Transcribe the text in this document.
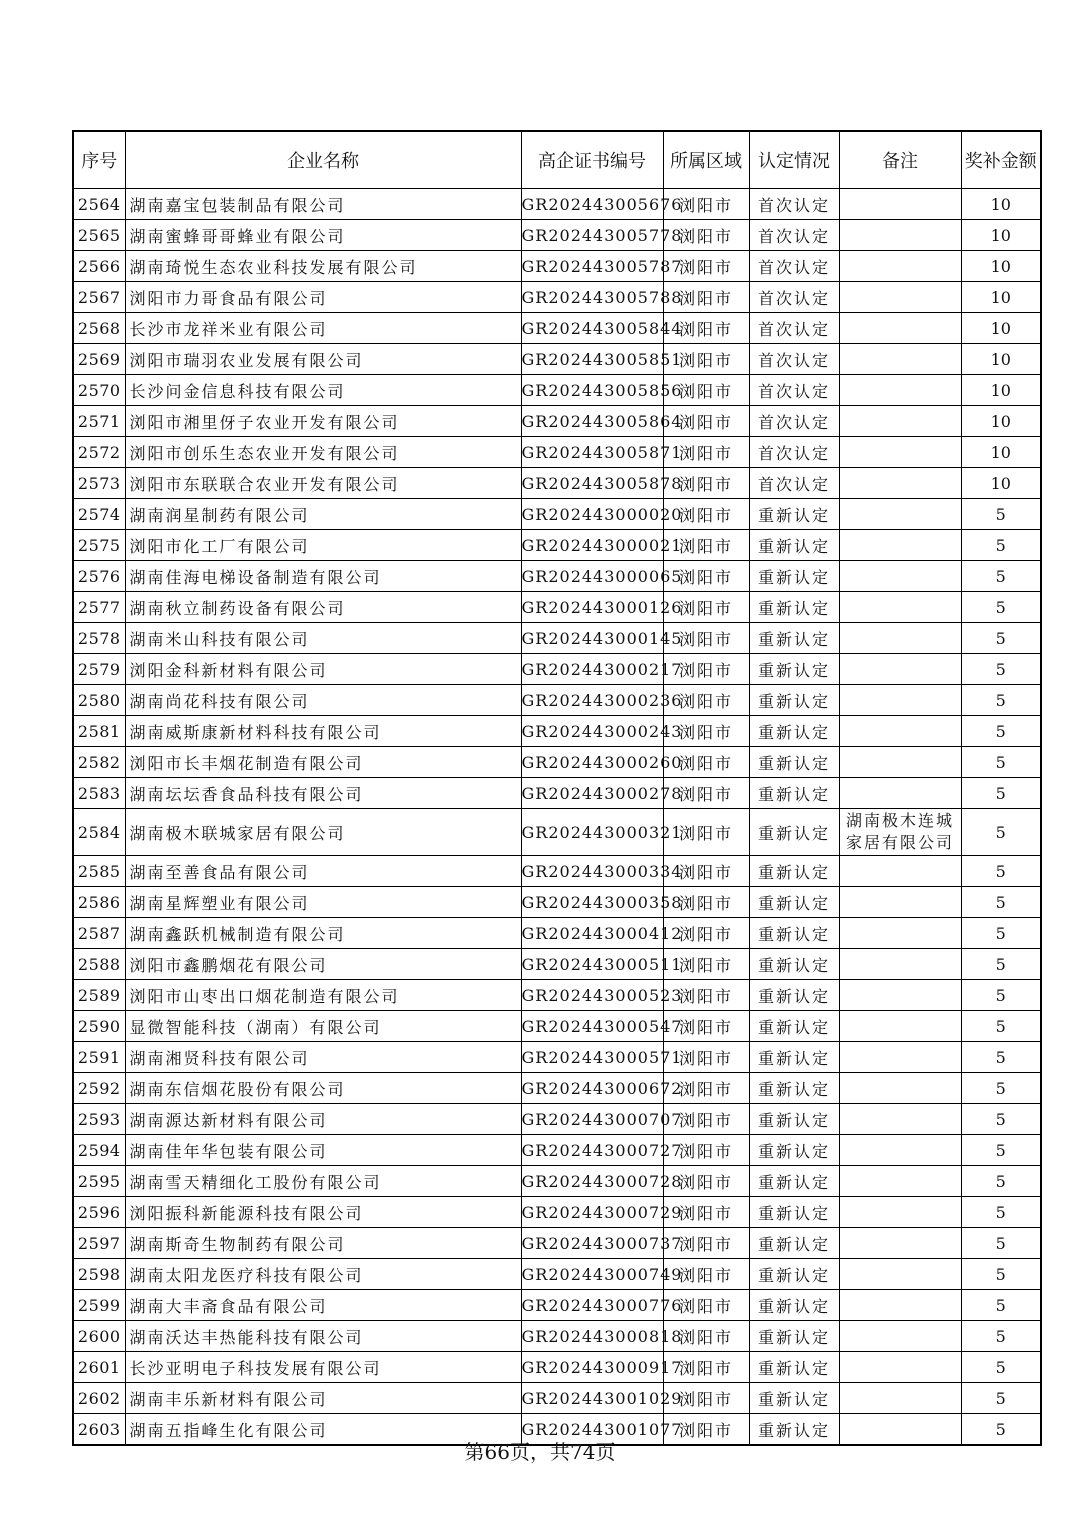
序号	企业名称	高企证书编号	所属区域	认定情况	备注	奖补金额
2564	湖南嘉宝包装制品有限公司	GR202443005676	浏阳市	首次认定		10
2565	湖南蜜蜂哥哥蜂业有限公司	GR202443005778	浏阳市	首次认定		10
2566	湖南琦悦生态农业科技发展有限公司	GR202443005787	浏阳市	首次认定		10
2567	浏阳市力哥食品有限公司	GR202443005788	浏阳市	首次认定		10
2568	长沙市龙祥米业有限公司	GR202443005844	浏阳市	首次认定		10
2569	浏阳市瑞羽农业发展有限公司	GR202443005851	浏阳市	首次认定		10
2570	长沙问金信息科技有限公司	GR202443005856	浏阳市	首次认定		10
2571	浏阳市湘里伢子农业开发有限公司	GR202443005864	浏阳市	首次认定		10
2572	浏阳市创乐生态农业开发有限公司	GR202443005871	浏阳市	首次认定		10
2573	浏阳市东联联合农业开发有限公司	GR202443005878	浏阳市	首次认定		10
2574	湖南润星制药有限公司	GR202443000020	浏阳市	重新认定		5
2575	浏阳市化工厂有限公司	GR202443000021	浏阳市	重新认定		5
2576	湖南佳海电梯设备制造有限公司	GR202443000065	浏阳市	重新认定		5
2577	湖南秋立制药设备有限公司	GR202443000126	浏阳市	重新认定		5
2578	湖南米山科技有限公司	GR202443000145	浏阳市	重新认定		5
2579	浏阳金科新材料有限公司	GR202443000217	浏阳市	重新认定		5
2580	湖南尚花科技有限公司	GR202443000236	浏阳市	重新认定		5
2581	湖南威斯康新材料科技有限公司	GR202443000243	浏阳市	重新认定		5
2582	浏阳市长丰烟花制造有限公司	GR202443000260	浏阳市	重新认定		5
2583	湖南坛坛香食品科技有限公司	GR202443000278	浏阳市	重新认定		5
2584	湖南极木联城家居有限公司	GR202443000321	浏阳市	重新认定	湖南极木连城家居有限公司	5
2585	湖南至善食品有限公司	GR202443000334	浏阳市	重新认定		5
2586	湖南星辉塑业有限公司	GR202443000358	浏阳市	重新认定		5
2587	湖南鑫跃机械制造有限公司	GR202443000412	浏阳市	重新认定		5
2588	浏阳市鑫鹏烟花有限公司	GR202443000511	浏阳市	重新认定		5
2589	浏阳市山枣出口烟花制造有限公司	GR202443000523	浏阳市	重新认定		5
2590	显微智能科技（湖南）有限公司	GR202443000547	浏阳市	重新认定		5
2591	湖南湘贤科技有限公司	GR202443000571	浏阳市	重新认定		5
2592	湖南东信烟花股份有限公司	GR202443000672	浏阳市	重新认定		5
2593	湖南源达新材料有限公司	GR202443000707	浏阳市	重新认定		5
2594	湖南佳年华包装有限公司	GR202443000727	浏阳市	重新认定		5
2595	湖南雪天精细化工股份有限公司	GR202443000728	浏阳市	重新认定		5
2596	浏阳振科新能源科技有限公司	GR202443000729	浏阳市	重新认定		5
2597	湖南斯奇生物制药有限公司	GR202443000737	浏阳市	重新认定		5
2598	湖南太阳龙医疗科技有限公司	GR202443000749	浏阳市	重新认定		5
2599	湖南大丰斋食品有限公司	GR202443000776	浏阳市	重新认定		5
2600	湖南沃达丰热能科技有限公司	GR202443000818	浏阳市	重新认定		5
2601	长沙亚明电子科技发展有限公司	GR202443000917	浏阳市	重新认定		5
2602	湖南丰乐新材料有限公司	GR202443001029	浏阳市	重新认定		5
2603	湖南五指峰生化有限公司	GR202443001077	浏阳市	重新认定		5
第66页，共74页
